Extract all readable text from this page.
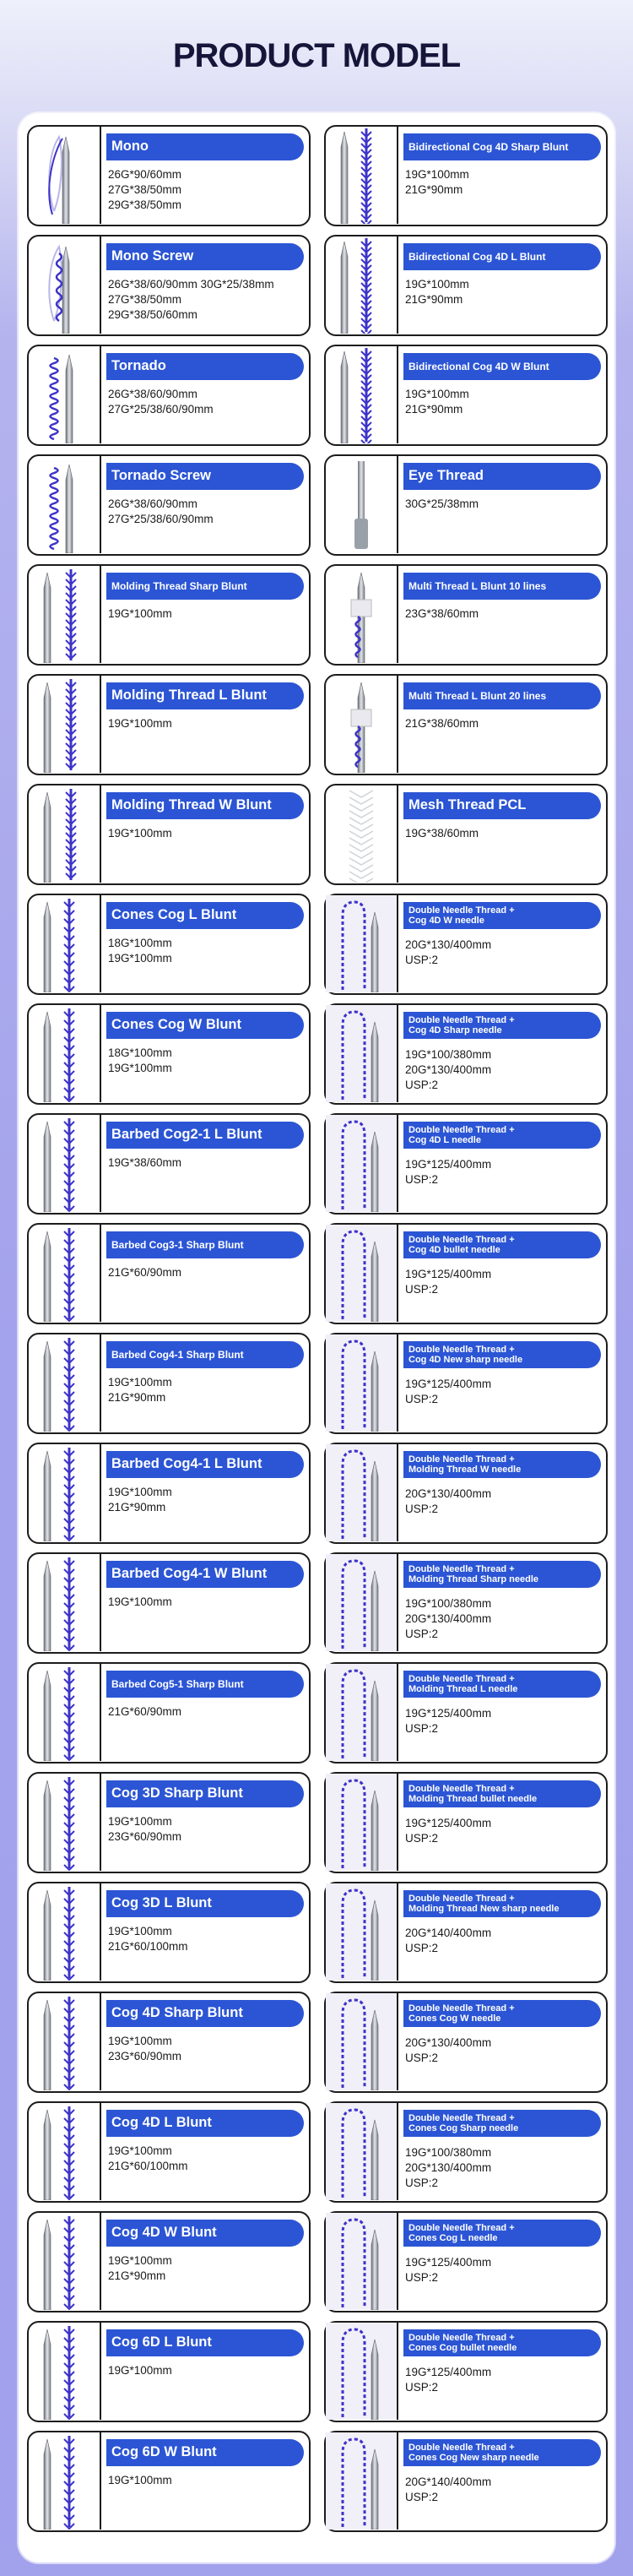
PRODUCT MODEL
Mono
26G*90/60mm
27G*38/50mm
29G*38/50mm
Mono Screw
26G*38/60/90mm 30G*25/38mm
27G*38/50mm
29G*38/50/60mm
Tornado
26G*38/60/90mm
27G*25/38/60/90mm
Tornado Screw
26G*38/60/90mm
27G*25/38/60/90mm
Molding Thread Sharp Blunt
19G*100mm
Molding Thread L Blunt
19G*100mm
Molding Thread W Blunt
19G*100mm
Cones Cog L Blunt
18G*100mm
19G*100mm
Cones Cog W Blunt
18G*100mm
19G*100mm
Barbed Cog2-1 L Blunt
19G*38/60mm
Barbed Cog3-1 Sharp Blunt
21G*60/90mm
Barbed Cog4-1 Sharp Blunt
19G*100mm
21G*90mm
Barbed Cog4-1 L Blunt
19G*100mm
21G*90mm
Barbed Cog4-1 W Blunt
19G*100mm
Barbed Cog5-1 Sharp Blunt
21G*60/90mm
Cog 3D Sharp Blunt
19G*100mm
23G*60/90mm
Cog 3D L Blunt
19G*100mm
21G*60/100mm
Cog 4D Sharp Blunt
19G*100mm
23G*60/90mm
Cog 4D L Blunt
19G*100mm
21G*60/100mm
Cog 4D W Blunt
19G*100mm
21G*90mm
Cog 6D L Blunt
19G*100mm
Cog 6D W Blunt
19G*100mm
Bidirectional Cog 4D Sharp Blunt
19G*100mm
21G*90mm
Bidirectional Cog 4D L Blunt
19G*100mm
21G*90mm
Bidirectional Cog 4D W Blunt
19G*100mm
21G*90mm
Eye Thread
30G*25/38mm
Multi Thread L Blunt 10 lines
23G*38/60mm
Multi Thread L Blunt 20 lines
21G*38/60mm
Mesh Thread PCL
19G*38/60mm
Double Needle Thread +
Cog 4D W needle
20G*130/400mm
USP:2
Double Needle Thread +
Cog 4D Sharp needle
19G*100/380mm
20G*130/400mm
USP:2
Double Needle Thread +
Cog 4D L needle
19G*125/400mm
USP:2
Double Needle Thread +
Cog 4D bullet needle
19G*125/400mm
USP:2
Double Needle Thread +
Cog 4D New sharp needle
19G*125/400mm
USP:2
Double Needle Thread +
Molding Thread W needle
20G*130/400mm
USP:2
Double Needle Thread +
Molding Thread Sharp needle
19G*100/380mm
20G*130/400mm
USP:2
Double Needle Thread +
Molding Thread L needle
19G*125/400mm
USP:2
Double Needle Thread +
Molding Thread bullet needle
19G*125/400mm
USP:2
Double Needle Thread +
Molding Thread New sharp needle
20G*140/400mm
USP:2
Double Needle Thread +
Cones Cog W needle
20G*130/400mm
USP:2
Double Needle Thread +
Cones Cog Sharp needle
19G*100/380mm
20G*130/400mm
USP:2
Double Needle Thread +
Cones Cog L needle
19G*125/400mm
USP:2
Double Needle Thread +
Cones Cog bullet needle
19G*125/400mm
USP:2
Double Needle Thread +
Cones Cog New sharp needle
20G*140/400mm
USP:2
